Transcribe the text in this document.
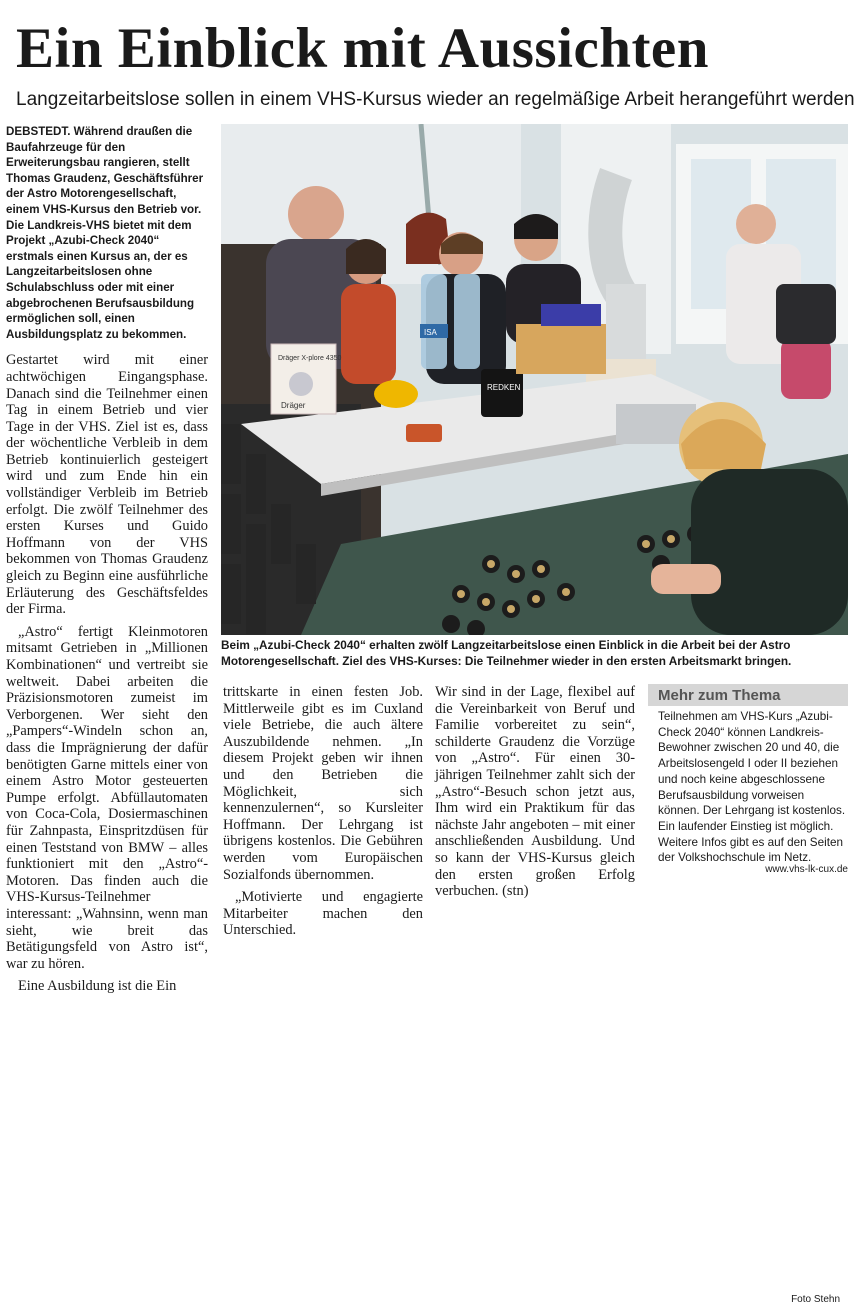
Ein Einblick mit Aussichten
Langzeitarbeitslose sollen in einem VHS-Kursus wieder an regelmäßige Arbeit herangeführt werden
DEBSTEDT. Während draußen die Baufahrzeuge für den Erweiterungsbau rangieren, stellt Thomas Graudenz, Geschäftsführer der Astro Motorengesellschaft, einem VHS-Kursus den Betrieb vor. Die Landkreis-VHS bietet mit dem Projekt „Azubi-Check 2040“ erstmals einen Kursus an, der es Langzeitarbeitslosen ohne Schulabschluss oder mit einer abgebrochenen Berufsausbildung ermöglichen soll, einen Ausbildungsplatz zu bekommen.

Gestartet wird mit einer achtwöchigen Eingangsphase. Danach sind die Teilnehmer einen Tag in einem Betrieb und vier Tage in der VHS. Ziel ist es, dass der wöchentliche Verbleib in dem Betrieb kontinuierlich gesteigert wird und zum Ende hin ein vollständiger Verbleib im Betrieb erfolgt. Die zwölf Teilnehmer des ersten Kurses und Guido Hoffmann von der VHS bekommen von Thomas Graudenz gleich zu Beginn eine ausführliche Erläuterung des Geschäftsfeldes der Firma.

„Astro“ fertigt Kleinmotoren mitsamt Getrieben in „Millionen Kombinationen“ und vertreibt sie weltweit. Dabei arbeiten die Präzisionsmotoren zumeist im Verborgenen. Wer sieht den „Pampers“-Windeln schon an, dass die Imprägnierung der dafür benötigten Garne mittels einer von einem Astro Motor gesteuerten Pumpe erfolgt. Abfüllautomaten von Coca-Cola, Dosiermaschinen für Zahnpasta, Einspritzdüsen für einen Teststand von BMW – alles funktioniert mit den „Astro“-Motoren. Das finden auch die VHS-Kursus-Teilnehmer interessant: „Wahnsinn, wenn man sieht, wie breit das Betätigungsfeld von Astro ist“, war zu hören.

Eine Ausbildung ist die Ein

Dräger X-plore 4350
Dräger
ISA
REDKEN
Beim „Azubi-Check 2040“ erhalten zwölf Langzeitarbeitslose einen Einblick in die Arbeit bei der Astro Motorengesellschaft. Ziel des VHS-Kurses: Die Teilnehmer wieder in den ersten Arbeitsmarkt bringen.
Foto Stehn

trittskarte in einen festen Job. Mittlerweile gibt es im Cuxland viele Betriebe, die auch ältere Auszubildende nehmen. „In diesem Projekt geben wir ihnen und den Betrieben die Möglichkeit, sich kennenzulernen“, so Kursleiter Hoffmann. Der Lehrgang ist übrigens kostenlos. Die Gebühren werden vom Europäischen Sozialfonds übernommen.

„Motivierte und engagierte Mitarbeiter machen den Unterschied.

Wir sind in der Lage, flexibel auf die Vereinbarkeit von Beruf und Familie vorbereitet zu sein“, schilderte Graudenz die Vorzüge von „Astro“. Für einen 30-jährigen Teilnehmer zahlt sich der „Astro“-Besuch schon jetzt aus, Ihm wird ein Praktikum für das nächste Jahr angeboten – mit einer anschließenden Ausbildung. Und so kann der VHS-Kursus gleich den ersten großen Erfolg verbuchen. (stn)

Mehr zum Thema
Teilnehmen am VHS-Kurs „Azubi-Check 2040“ können Landkreis-Bewohner zwischen 20 und 40, die Arbeitslosengeld I oder II beziehen und noch keine abgeschlossene Berufsausbildung vorweisen können. Der Lehrgang ist kostenlos. Ein laufender Einstieg ist möglich. Weitere Infos gibt es auf den Seiten der Volkshochschule im Netz.
www.vhs-lk-cux.de
